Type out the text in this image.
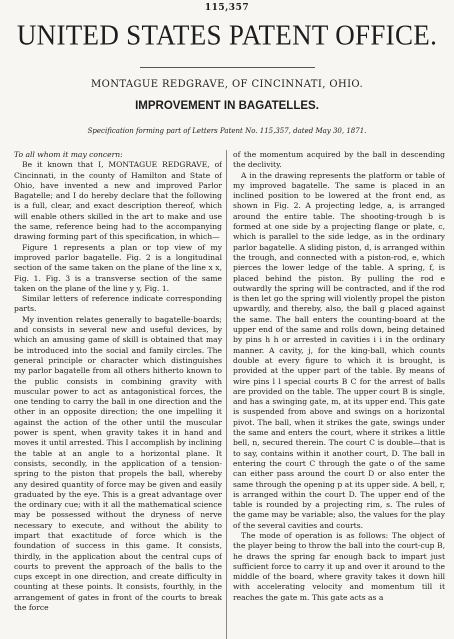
115,357
UNITED STATES PATENT OFFICE.
MONTAGUE REDGRAVE, OF CINCINNATI, OHIO.
IMPROVEMENT IN BAGATELLES.
Specification forming part of Letters Patent No. 115,357, dated May 30, 1871.

To all whom it may concern:

Be it known that I, MONTAGUE REDGRAVE, of Cincinnati, in the county of Hamilton and State of Ohio, have invented a new and improved Parlor Bagatelle; and I do hereby declare that the following is a full, clear, and exact description thereof, which will enable others skilled in the art to make and use the same, reference being had to the accompanying drawing forming part of this specification, in which—

Figure 1 represents a plan or top view of my improved parlor bagatelle. Fig. 2 is a longitudinal section of the same taken on the plane of the line x x, Fig. 1. Fig. 3 is a transverse section of the same taken on the plane of the line y y, Fig. 1.

Similar letters of reference indicate corresponding parts.

My invention relates generally to bagatelle-boards; and consists in several new and useful devices, by which an amusing game of skill is obtained that may be introduced into the social and family circles. The general principle or character which distinguishes my parlor bagatelle from all others hitherto known to the public consists in combining gravity with muscular power to act as antagonistical forces, the one tending to carry the ball in one direction and the other in an opposite direction; the one impelling it against the action of the other until the muscular power is spent, when gravity takes it in hand and moves it until arrested. This I accomplish by inclining the table at an angle to a horizontal plane. It consists, secondly, in the application of a tension-spring to the piston that propels the ball, whereby any desired quantity of force may be given and easily graduated by the eye. This is a great advantage over the ordinary cue; with it all the mathematical science may be possessed without the dryness of nerve necessary to execute, and without the ability to impart that exactitude of force which is the foundation of success in this game. It consists, thirdly, in the application about the central cups of courts to prevent the approach of the balls to the cups except in one direction, and create difficulty in counting at these points. It consists, fourthly, in the arrangement of gates in front of the courts to break the force

of the momentum acquired by the ball in descending the declivity.

A in the drawing represents the platform or table of my improved bagatelle. The same is placed in an inclined position to be lowered at the front end, as shown in Fig. 2. A projecting ledge, a, is arranged around the entire table. The shooting-trough b is formed at one side by a projecting flange or plate, c, which is parallel to the side ledge, as in the ordinary parlor bagatelle. A sliding piston, d, is arranged within the trough, and connected with a piston-rod, e, which pierces the lower ledge of the table. A spring, f, is placed behind the piston. By pulling the rod e outwardly the spring will be contracted, and if the rod is then let go the spring will violently propel the piston upwardly, and thereby, also, the ball g placed against the same. The ball enters the counting-board at the upper end of the same and rolls down, being detained by pins h h or arrested in cavities i i in the ordinary manner. A cavity, j, for the king-ball, which counts double at every figure to which it is brought, is provided at the upper part of the table. By means of wire pins l l special courts B C for the arrest of balls are provided on the table. The upper court B is single, and has a swinging gate, m, at its upper end. This gate is suspended from above and swings on a horizontal pivot. The ball, when it strikes the gate, swings under the same and enters the court, where it strikes a little bell, n, secured therein. The court C is double—that is to say, contains within it another court, D. The ball in entering the court C through the gate o of the same can either pass around the court D or also enter the same through the opening p at its upper side. A bell, r, is arranged within the court D. The upper end of the table is rounded by a projecting rim, s. The rules of the game may be variable; also, the values for the play of the several cavities and courts.

The mode of operation is as follows: The object of the player being to throw the ball into the court-cup B, he draws the spring far enough back to impart just sufficient force to carry it up and over it around to the middle of the board, where gravity takes it down hill with accelerating velocity and momentum till it reaches the gate m. This gate acts as a
